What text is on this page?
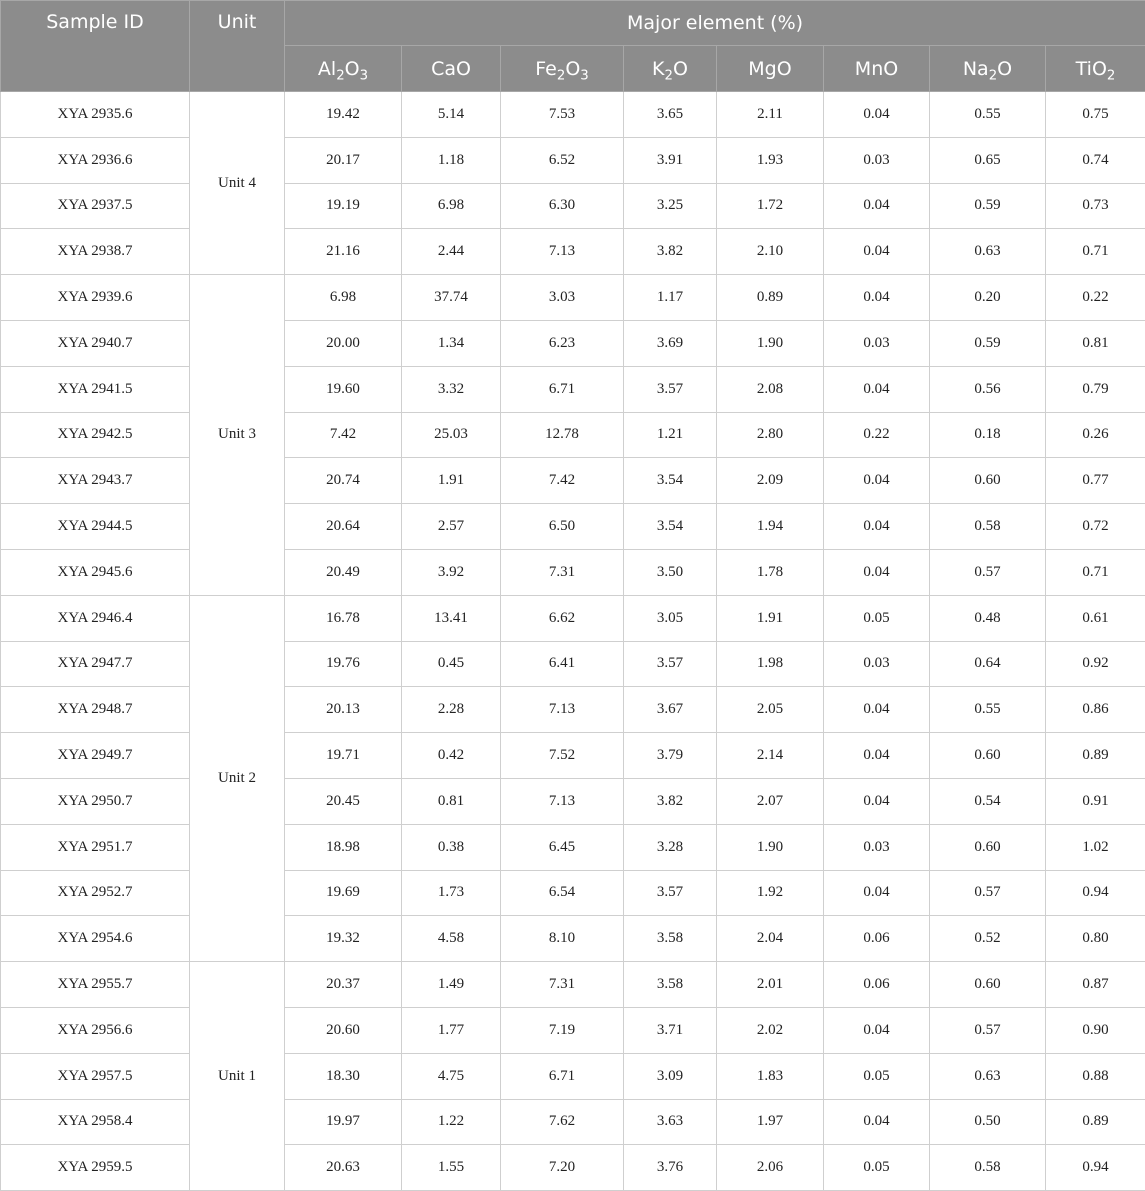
Sample ID	Unit	Major element (%)							
		$Al_2O_3$	CaO	$Fe_2O_3$	$K_2O$	MgO	MnO	$Na_2O$	TiO$_2$
XYA 2935.6	Unit 4	19.42	5.14	7.53	3.65	2.11	0.04	0.55	0.75
XYA 2936.6		20.17	1.18	6.52	3.91	1.93	0.03	0.65	0.74
XYA 2937.5		19.19	6.98	6.30	3.25	1.72	0.04	0.59	0.73
XYA 2938.7		21.16	2.44	7.13	3.82	2.10	0.04	0.63	0.71
XYA 2939.6	Unit 3	6.98	37.74	3.03	1.17	0.89	0.04	0.20	0.22
XYA 2940.7		20.00	1.34	6.23	3.69	1.90	0.03	0.59	0.81
XYA 2941.5		19.60	3.32	6.71	3.57	2.08	0.04	0.56	0.79
XYA 2942.5		7.42	25.03	12.78	1.21	2.80	0.22	0.18	0.26
XYA 2943.7		20.74	1.91	7.42	3.54	2.09	0.04	0.60	0.77
XYA 2944.5		20.64	2.57	6.50	3.54	1.94	0.04	0.58	0.72
XYA 2945.6		20.49	3.92	7.31	3.50	1.78	0.04	0.57	0.71
XYA 2946.4	Unit 2	16.78	13.41	6.62	3.05	1.91	0.05	0.48	0.61
XYA 2947.7		19.76	0.45	6.41	3.57	1.98	0.03	0.64	0.92
XYA 2948.7		20.13	2.28	7.13	3.67	2.05	0.04	0.55	0.86
XYA 2949.7		19.71	0.42	7.52	3.79	2.14	0.04	0.60	0.89
XYA 2950.7		20.45	0.81	7.13	3.82	2.07	0.04	0.54	0.91
XYA 2951.7		18.98	0.38	6.45	3.28	1.90	0.03	0.60	1.02
XYA 2952.7		19.69	1.73	6.54	3.57	1.92	0.04	0.57	0.94
XYA 2954.6		19.32	4.58	8.10	3.58	2.04	0.06	0.52	0.80
XYA 2955.7	Unit 1	20.37	1.49	7.31	3.58	2.01	0.06	0.60	0.87
XYA 2956.6		20.60	1.77	7.19	3.71	2.02	0.04	0.57	0.90
XYA 2957.5		18.30	4.75	6.71	3.09	1.83	0.05	0.63	0.88
XYA 2958.4		19.97	1.22	7.62	3.63	1.97	0.04	0.50	0.89
XYA 2959.5		20.63	1.55	7.20	3.76	2.06	0.05	0.58	0.94
